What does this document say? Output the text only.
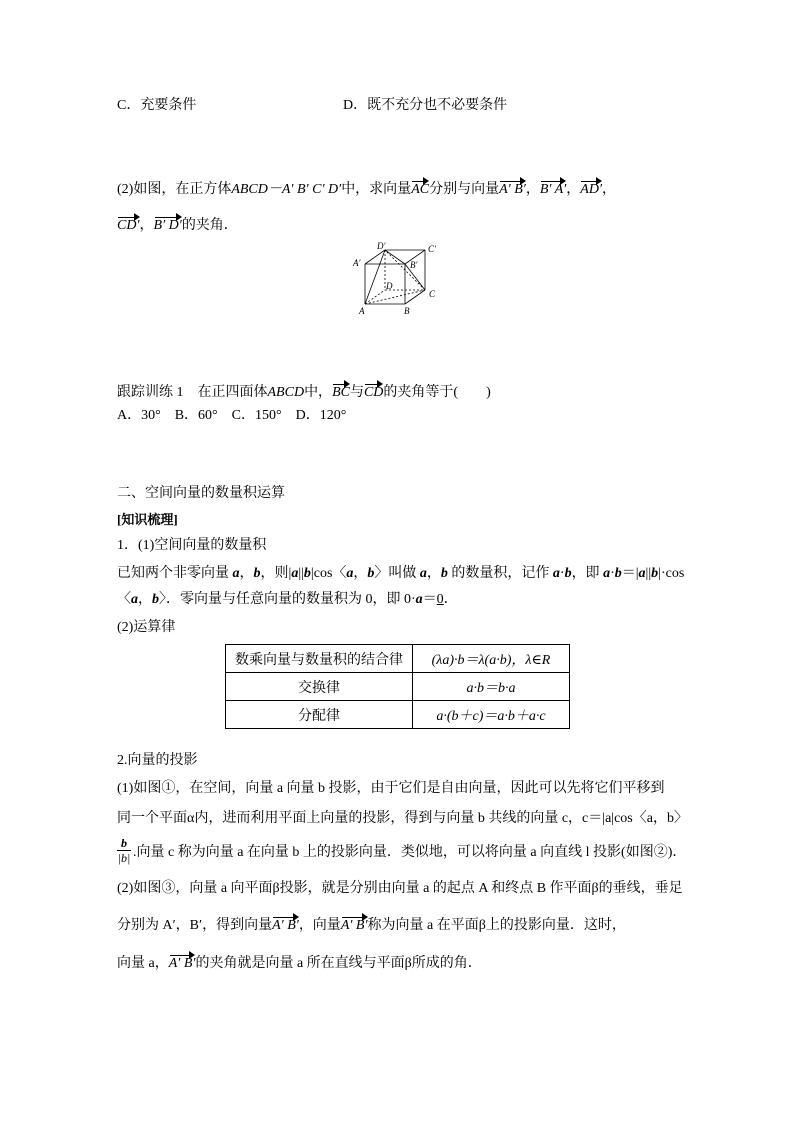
C．充要条件	D．既不充分也不必要条件
(2)如图，在正方体ABCD－A′ B′ C′ D′中，求向量AC分别与向量A′ B′，B′ A′，AD′，
CD′，B′ D′的夹角．
A	B
C
D
A′	B′
C′
D′
跟踪训练 1　在正四面体ABCD中，BC与CD的夹角等于(　　)
A．30°　B．60°　C．150°　D．120°
二、空间向量的数量积运算
[知识梳理]
1．(1)空间向量的数量积
已知两个非零向量 a，b，则|a||b|cos〈a，b〉叫做 a，b 的数量积，记作 a·b，即 a·b＝|a||b|·cos
〈a，b〉．零向量与任意向量的数量积为 0，即 0·a＝0．
(2)运算律
数乘向量与数量积的结合律	(λa)·b＝λ(a·b)，λ∈R
交换律	a·b＝b·a
分配律	a·(b＋c)＝a·b＋a·c
2.向量的投影
(1)如图①，在空间，向量 a 向量 b 投影，由于它们是自由向量，因此可以先将它们平移到
同一个平面α内，进而利用平面上向量的投影，得到与向量 b 共线的向量 c，c＝|a|cos〈a，b〉
$\frac{b}{|b|}$ .向量 c 称为向量 a 在向量 b 上的投影向量．类似地，可以将向量 a 向直线 l 投影(如图②)．
(2)如图③，向量 a 向平面β投影，就是分别由向量 a 的起点 A 和终点 B 作平面β的垂线，垂足
分别为 A′，B′，得到向量A′ B′，向量A′ B′称为向量 a 在平面β上的投影向量．这时，
向量 a，A′ B′的夹角就是向量 a 所在直线与平面β所成的角．
